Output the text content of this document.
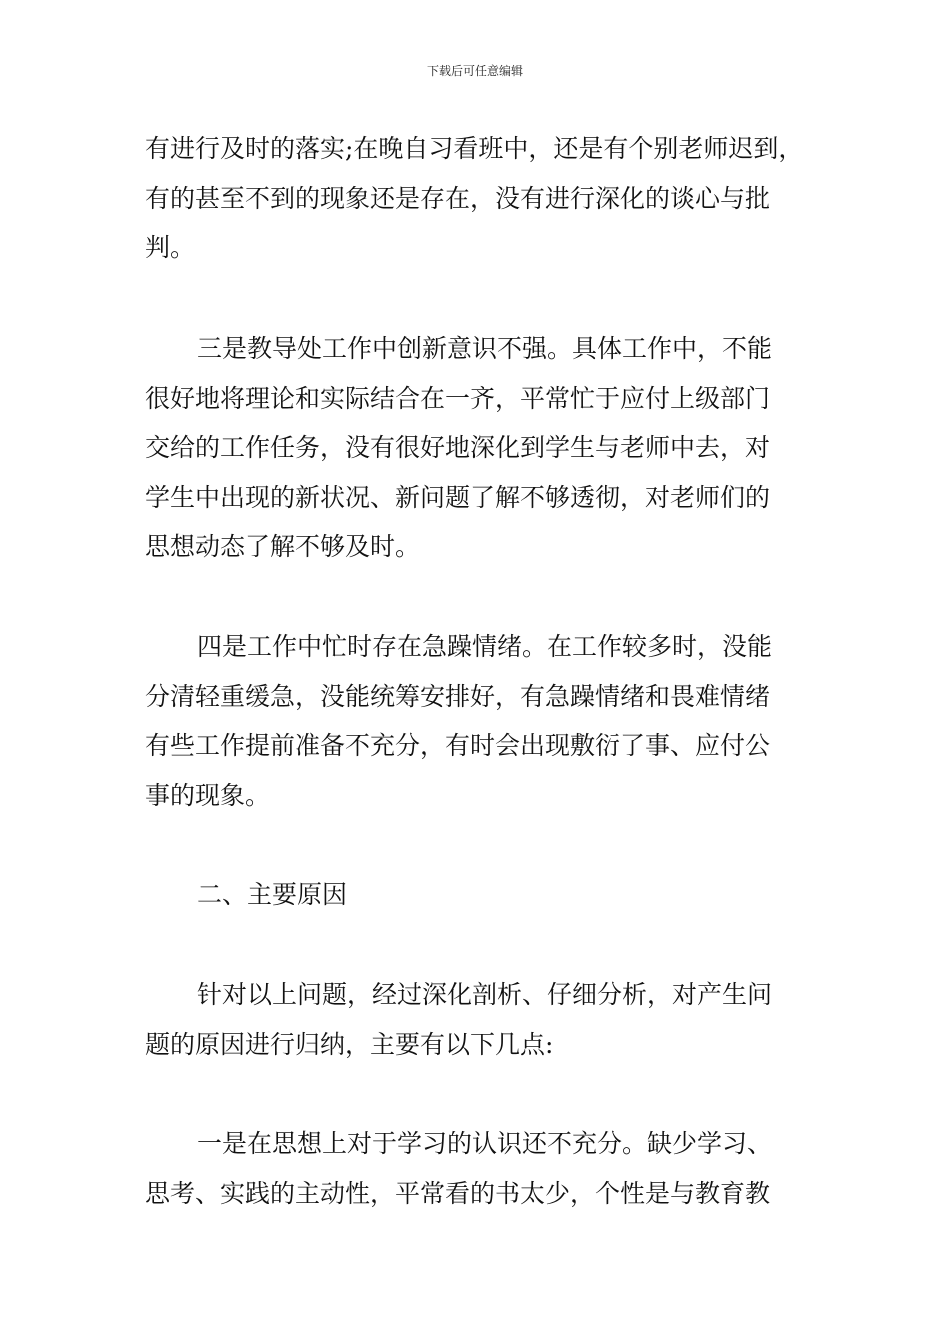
下载后可任意编辑
有进行及时的落实;在晚自习看班中，还是有个别老师迟到，
有的甚至不到的现象还是存在，没有进行深化的谈心与批
判。
三是教导处工作中创新意识不强。具体工作中，不能
很好地将理论和实际结合在一齐，平常忙于应付上级部门
交给的工作任务，没有很好地深化到学生与老师中去，对
学生中出现的新状况、新问题了解不够透彻，对老师们的
思想动态了解不够及时。
四是工作中忙时存在急躁情绪。在工作较多时，没能
分清轻重缓急，没能统筹安排好，有急躁情绪和畏难情绪
有些工作提前准备不充分，有时会出现敷衍了事、应付公
事的现象。
二、主要原因
针对以上问题，经过深化剖析、仔细分析，对产生问
题的原因进行归纳，主要有以下几点:
一是在思想上对于学习的认识还不充分。缺少学习、
思考、实践的主动性，平常看的书太少，个性是与教育教
